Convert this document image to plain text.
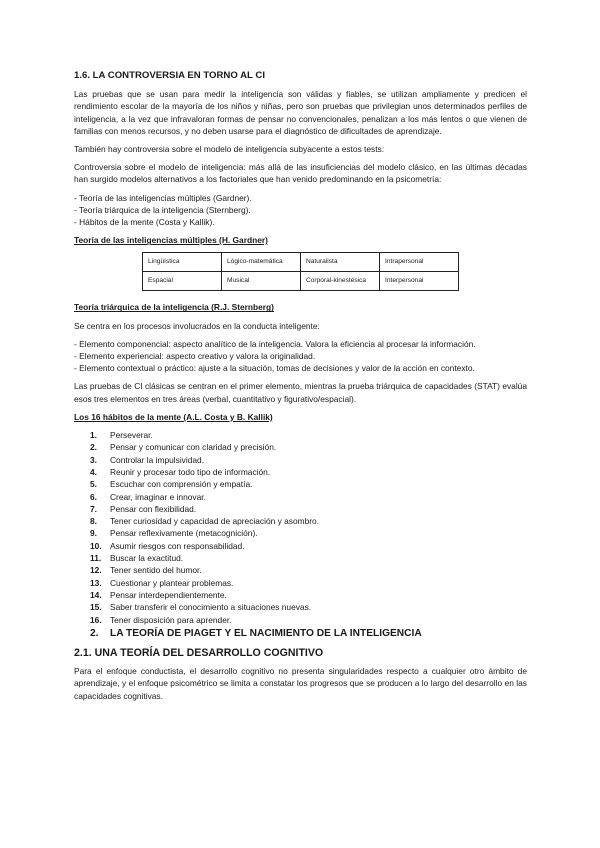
1.6. LA CONTROVERSIA EN TORNO AL CI

Las pruebas que se usan para medir la inteligencia son válidas y fiables, se utilizan ampliamente y predicen el rendimiento escolar de la mayoría de los niños y niñas, pero son pruebas que privilegian unos determinados perfiles de inteligencia, a la vez que infravaloran formas de pensar no convencionales, penalizan a los más lentos o que vienen de familias con menos recursos, y no deben usarse para el diagnóstico de dificultades de aprendizaje.

También hay controversia sobre el modelo de inteligencia subyacente a estos tests:

Controversia sobre el modelo de inteligencia: más allá de las insuficiencias del modelo clásico, en las últimas décadas han surgido modelos alternativos a los factoriales que han venido predominando en la psicometría:

- Teoría de las inteligencias múltiples (Gardner).

- Teoría triárquica de la inteligencia (Sternberg).

- Hábitos de la mente (Costa y Kallik).

Teoría de las inteligencias múltiples (H. Gardner)
Lingüística	Lógico-matemática	Naturalista	Intrapersonal
Espacial	Musical	Corporal-kinestésica	Interpersonal
Teoría triárquica de la inteligencia (R.J. Sternberg)

Se centra en los procesos involucrados en la conducta inteligente:

- Elemento componencial: aspecto analítico de la inteligencia. Valora la eficiencia al procesar la información.

- Elemento experiencial: aspecto creativo y valora la originalidad.

- Elemento contextual o práctico: ajuste a la situación, tomas de decisiones y valor de la acción en contexto.

Las pruebas de CI clásicas se centran en el primer elemento, mientras la prueba triárquica de capacidades (STAT) evalúa esos tres elementos en tres áreas (verbal, cuantitativo y figurativo/espacial).

Los 16 hábitos de la mente (A.L. Costa y B. Kallik)
1. Perseverar.
2. Pensar y comunicar con claridad y precisión.
3. Controlar la impulsividad.
4. Reunir y procesar todo tipo de información.
5. Escuchar con comprensión y empatía.
6. Crear, imaginar e innovar.
7. Pensar con flexibilidad.
8. Tener curiosidad y capacidad de apreciación y asombro.
9. Pensar reflexivamente (metacognición).
10. Asumir riesgos con responsabilidad.
11. Buscar la exactitud.
12. Tener sentido del humor.
13. Cuestionar y plantear problemas.
14. Pensar interdependientemente.
15. Saber transferir el conocimiento a situaciones nuevas.
16. Tener disposición para aprender.
2. LA TEORÍA DE PIAGET Y EL NACIMIENTO DE LA INTELIGENCIA
2.1. UNA TEORÍA DEL DESARROLLO COGNITIVO

Para el enfoque conductista, el desarrollo cognitivo no presenta singularidades respecto a cualquier otro ámbito de aprendizaje, y el enfoque psicométrico se limita a constatar los progresos que se producen a lo largo del desarrollo en las capacidades cognitivas.
